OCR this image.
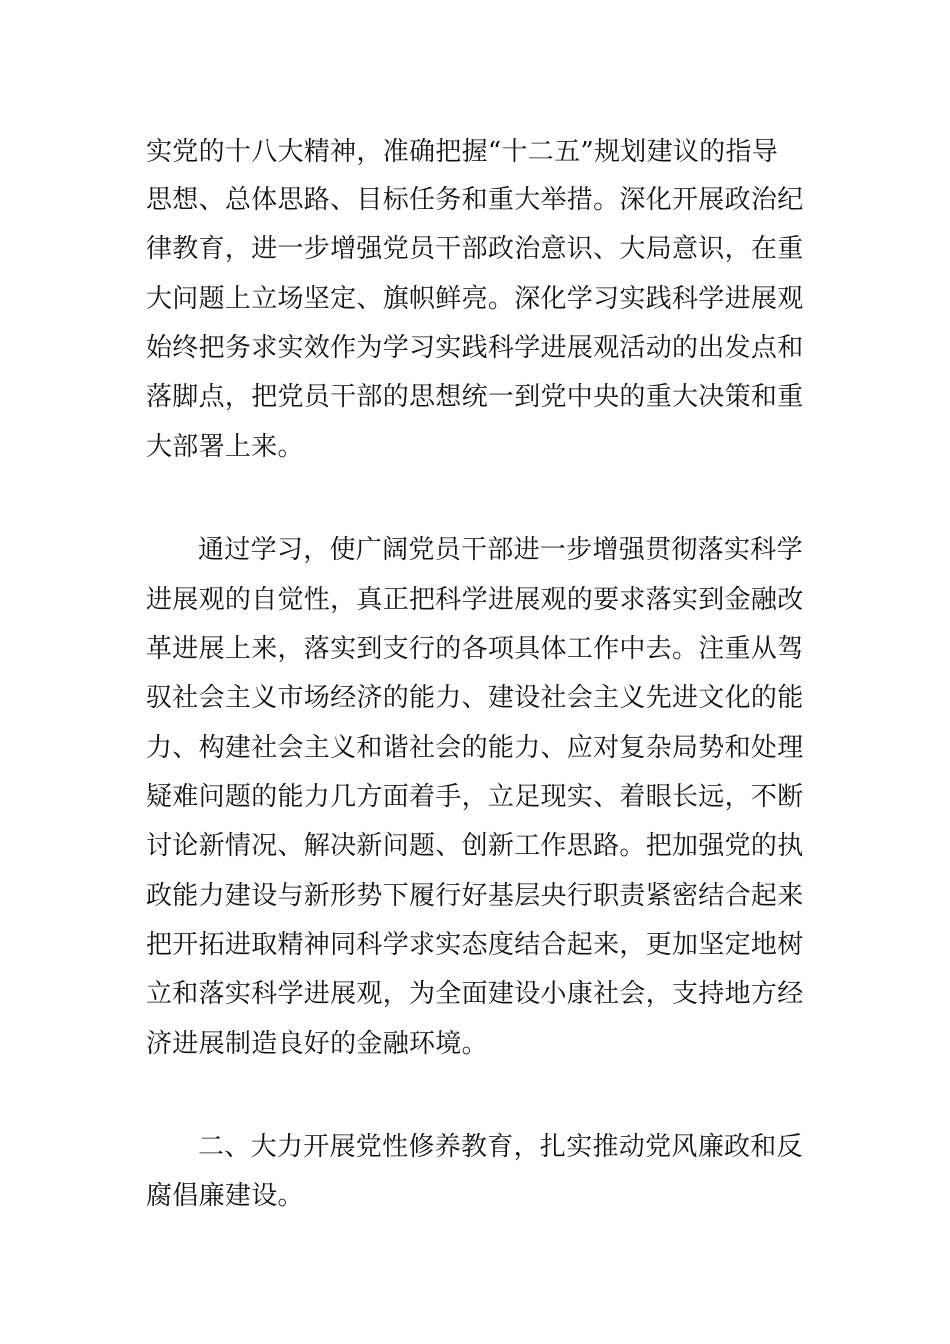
实党的十八大精神，准确把握“十二五”规划建议的指导
思想、总体思路、目标任务和重大举措。深化开展政治纪
律教育，进一步增强党员干部政治意识、大局意识，在重
大问题上立场坚定、旗帜鲜亮。深化学习实践科学进展观
始终把务求实效作为学习实践科学进展观活动的出发点和
落脚点，把党员干部的思想统一到党中央的重大决策和重
大部署上来。
通过学习，使广阔党员干部进一步增强贯彻落实科学
进展观的自觉性，真正把科学进展观的要求落实到金融改
革进展上来，落实到支行的各项具体工作中去。注重从驾
驭社会主义市场经济的能力、建设社会主义先进文化的能
力、构建社会主义和谐社会的能力、应对复杂局势和处理
疑难问题的能力几方面着手，立足现实、着眼长远，不断
讨论新情况、解决新问题、创新工作思路。把加强党的执
政能力建设与新形势下履行好基层央行职责紧密结合起来
把开拓进取精神同科学求实态度结合起来，更加坚定地树
立和落实科学进展观，为全面建设小康社会，支持地方经
济进展制造良好的金融环境。
二、大力开展党性修养教育，扎实推动党风廉政和反
腐倡廉建设。
